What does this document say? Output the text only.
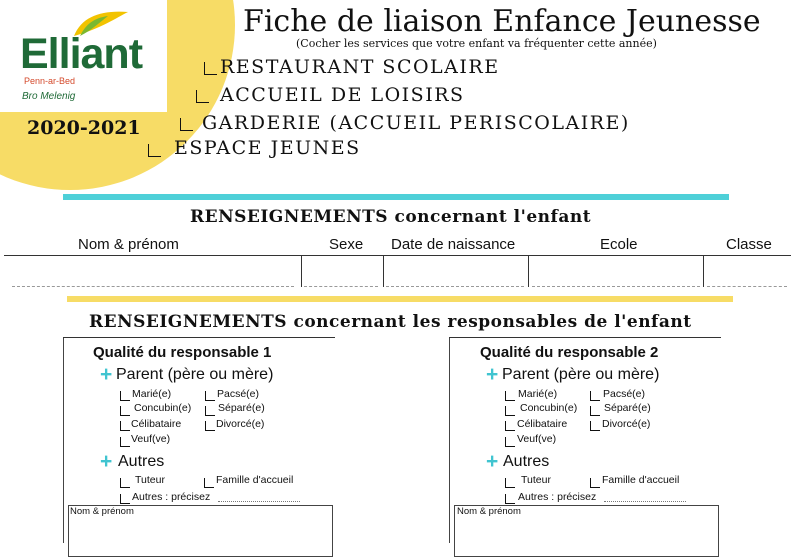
Elliant
Penn-ar-Bed
Bro Melenig
2020-2021
Fiche de liaison Enfance Jeunesse
(Cocher les services que votre enfant va fréquenter cette année)
RESTAURANT SCOLAIRE
ACCUEIL DE LOISIRS
GARDERIE (ACCUEIL PERISCOLAIRE)
ESPACE JEUNES
RENSEIGNEMENTS concernant l'enfant
Nom & prénom	Sexe Date de naissance	Ecole	Classe
RENSEIGNEMENTS concernant les responsables de l'enfant
Qualité du responsable 1
+ Parent (père ou mère)
Marié(e)	Pacsé(e)
Concubin(e)	Séparé(e)
Célibataire	Divorcé(e)
Veuf(ve)
+ Autres
Tuteur	Famille d'accueil
Autres : précisez
Nom & prénom
Qualité du responsable 2
+ Parent (père ou mère)
Marié(e)	Pacsé(e)
Concubin(e)	Séparé(e)
Célibataire	Divorcé(e)
Veuf(ve)
+ Autres
Tuteur	Famille d'accueil
Autres : précisez
Nom & prénom
